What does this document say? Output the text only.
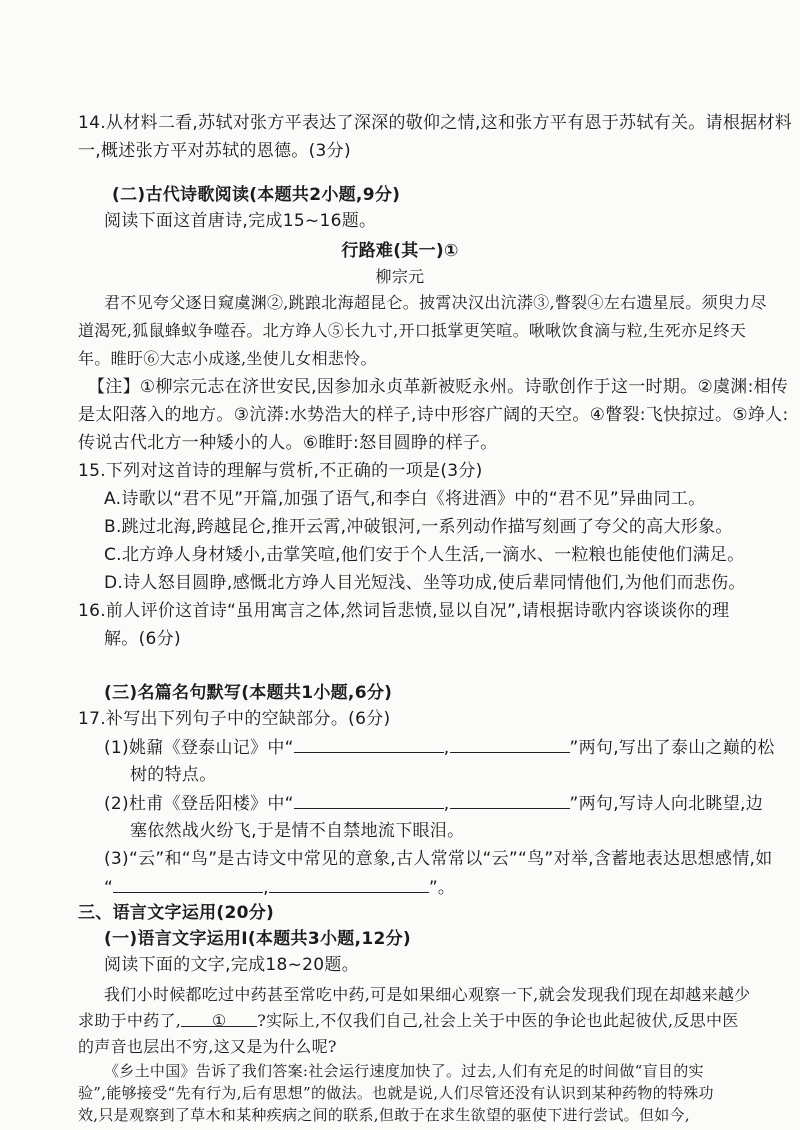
14.从材料二看,苏轼对张方平表达了深深的敬仰之情,这和张方平有恩于苏轼有关。请根据材料
一,概述张方平对苏轼的恩德。(3分)
(二)古代诗歌阅读(本题共2小题,9分)
阅读下面这首唐诗,完成15~16题。
行路难(其一)①
柳宗元
君不见夸父逐日窥虞渊②,跳踉北海超昆仑。披霄决汉出沆漭③,瞥裂④左右遗星辰。须臾力尽
道渴死,狐鼠蜂蚁争噬吞。北方竫人⑤长九寸,开口抵掌更笑喧。啾啾饮食滴与粒,生死亦足终天
年。睢盱⑥大志小成遂,坐使儿女相悲怜。
【注】①柳宗元志在济世安民,因参加永贞革新被贬永州。诗歌创作于这一时期。②虞渊:相传
是太阳落入的地方。③沆漭:水势浩大的样子,诗中形容广阔的天空。④瞥裂:飞快掠过。⑤竫人:
传说古代北方一种矮小的人。⑥睢盱:怒目圆睁的样子。
15.下列对这首诗的理解与赏析,不正确的一项是(3分)
A.诗歌以“君不见”开篇,加强了语气,和李白《将进酒》中的“君不见”异曲同工。
B.跳过北海,跨越昆仑,推开云霄,冲破银河,一系列动作描写刻画了夸父的高大形象。
C.北方竫人身材矮小,击掌笑喧,他们安于个人生活,一滴水、一粒粮也能使他们满足。
D.诗人怒目圆睁,感慨北方竫人目光短浅、坐等功成,使后辈同情他们,为他们而悲伤。
16.前人评价这首诗“虽用寓言之体,然词旨悲愤,显以自况”,请根据诗歌内容谈谈你的理
解。(6分)
(三)名篇名句默写(本题共1小题,6分)
17.补写出下列句子中的空缺部分。(6分)
(1)姚鼐《登泰山记》中“	,	”两句,写出了泰山之巅的松
树的特点。
(2)杜甫《登岳阳楼》中“	,	”两句,写诗人向北眺望,边
塞依然战火纷飞,于是情不自禁地流下眼泪。
(3)“云”和“鸟”是古诗文中常见的意象,古人常常以“云”“鸟”对举,含蓄地表达思想感情,如
“	,	”。
三、语言文字运用(20分)
(一)语言文字运用Ⅰ(本题共3小题,12分)
阅读下面的文字,完成18~20题。
我们小时候都吃过中药甚至常吃中药,可是如果细心观察一下,就会发现我们现在却越来越少
求助于中药了, ① ?实际上,不仅我们自己,社会上关于中医的争论也此起彼伏,反思中医
的声音也层出不穷,这又是为什么呢?
《乡土中国》告诉了我们答案:社会运行速度加快了。过去,人们有充足的时间做“盲目的实
验”,能够接受“先有行为,后有思想”的做法。也就是说,人们尽管还没有认识到某种药物的特殊功
效,只是观察到了草木和某种疾病之间的联系,但敢于在求生欲望的驱使下进行尝试。但如今,
